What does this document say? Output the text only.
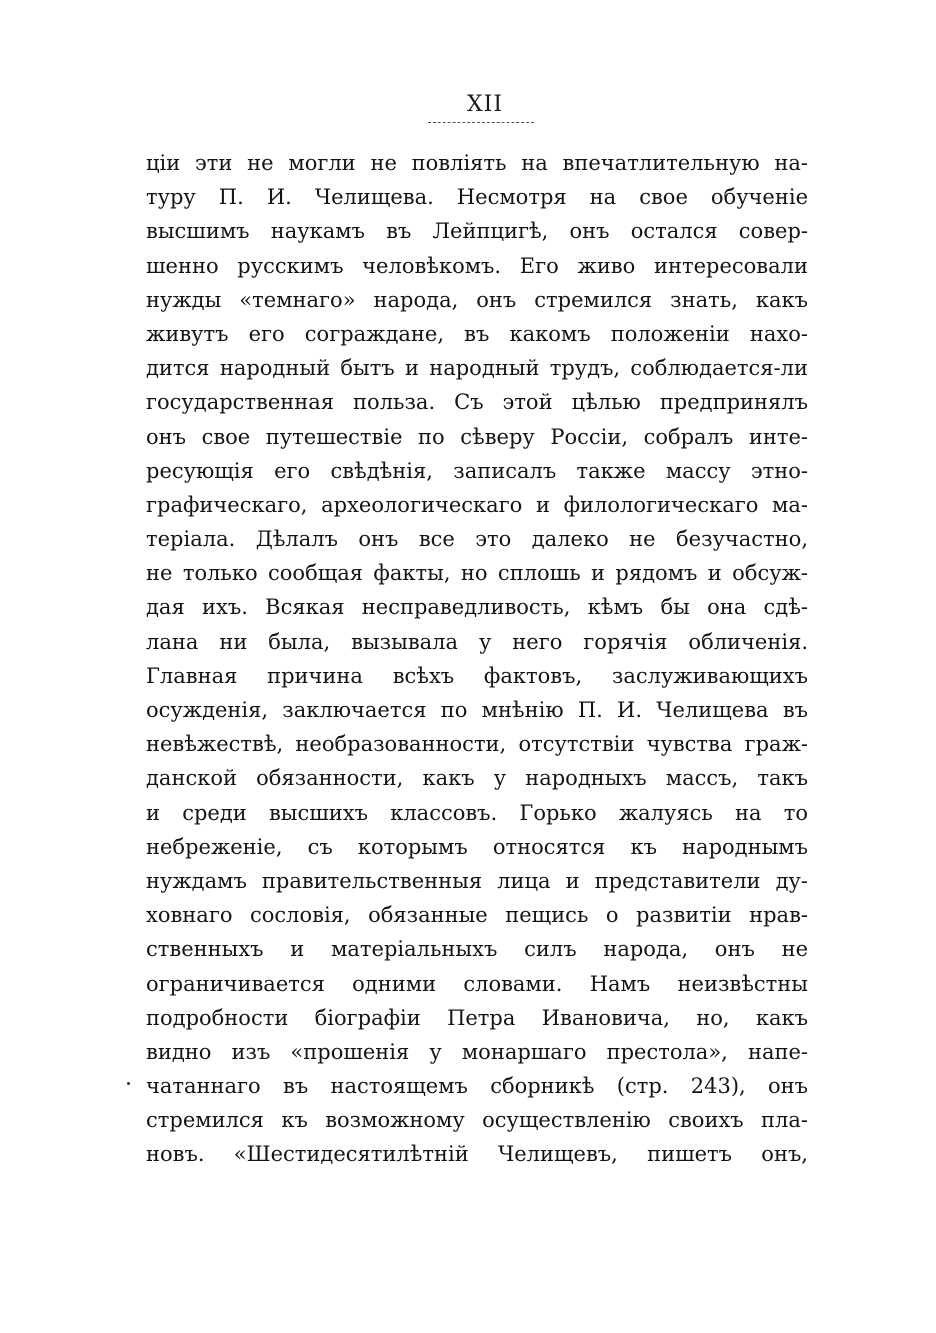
XII
ціи эти не могли не повліять на впечатлительную на-
туру П. И. Челищева. Несмотря на свое обученіе
высшимъ наукамъ въ Лейпцигѣ, онъ остался совер-
шенно русскимъ человѣкомъ. Его живо интересовали
нужды «темнаго» народа, онъ стремился знать, какъ
живутъ его сограждане, въ какомъ положеніи нахо-
дится народный бытъ и народный трудъ, соблюдается-ли
государственная польза. Съ этой цѣлью предпринялъ
онъ свое путешествіе по сѣверу Россіи, собралъ инте-
ресующія его свѣдѣнія, записалъ также массу этно-
графическаго, археологическаго и филологическаго ма-
теріала. Дѣлалъ онъ все это далеко не безучастно,
не только сообщая факты, но сплошь и рядомъ и обсуж-
дая ихъ. Всякая несправедливость, кѣмъ бы она сдѣ-
лана ни была, вызывала у него горячія обличенія.
Главная причина всѣхъ фактовъ, заслуживающихъ
осужденія, заключается по мнѣнію П. И. Челищева въ
невѣжествѣ, необразованности, отсутствіи чувства граж-
данской обязанности, какъ у народныхъ массъ, такъ
и среди высшихъ классовъ. Горько жалуясь на то
небреженіе, съ которымъ относятся къ народнымъ
нуждамъ правительственныя лица и представители ду-
ховнаго сословія, обязанные пещись о развитіи нрав-
ственныхъ и матеріальныхъ силъ народа, онъ не
ограничивается одними словами. Намъ неизвѣстны
подробности біографіи Петра Ивановича, но, какъ
видно изъ «прошенія у монаршаго престола», напе-
чатаннаго въ настоящемъ сборникѣ (стр. 243), онъ
стремился къ возможному осуществленію своихъ пла-
новъ. «Шестидесятилѣтній Челищевъ, пишетъ онъ,
